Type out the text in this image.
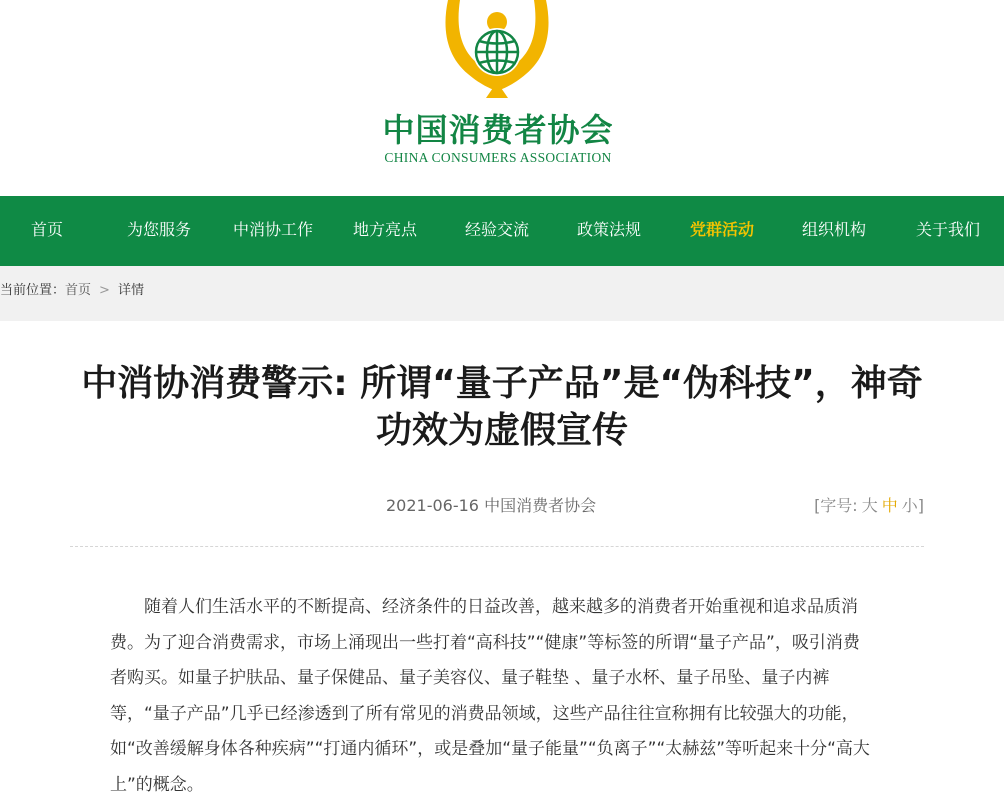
中国消费者协会
CHINA CONSUMERS ASSOCIATION
首页	为您服务	中消协工作	地方亮点	经验交流	政策法规	党群活动	组织机构	关于我们
当前位置：首页 > 详情
中消协消费警示: 所谓“量子产品”是“伪科技”，神奇功效为虚假宣传
2021-06-16 中国消费者协会	[字号: 大 中 小]

随着人们生活水平的不断提高、经济条件的日益改善，越来越多的消费者开始重视和追求品质消费。为了迎合消费需求，市场上涌现出一些打着“高科技”“健康”等标签的所谓“量子产品”，吸引消费者购买。如量子护肤品、量子保健品、量子美容仪、量子鞋垫 、量子水杯、量子吊坠、量子内裤等，“量子产品”几乎已经渗透到了所有常见的消费品领域，这些产品往往宣称拥有比较强大的功能，如“改善缓解身体各种疾病”“打通内循环”，或是叠加“量子能量”“负离子”“太赫兹”等听起来十分“高大上”的概念。
